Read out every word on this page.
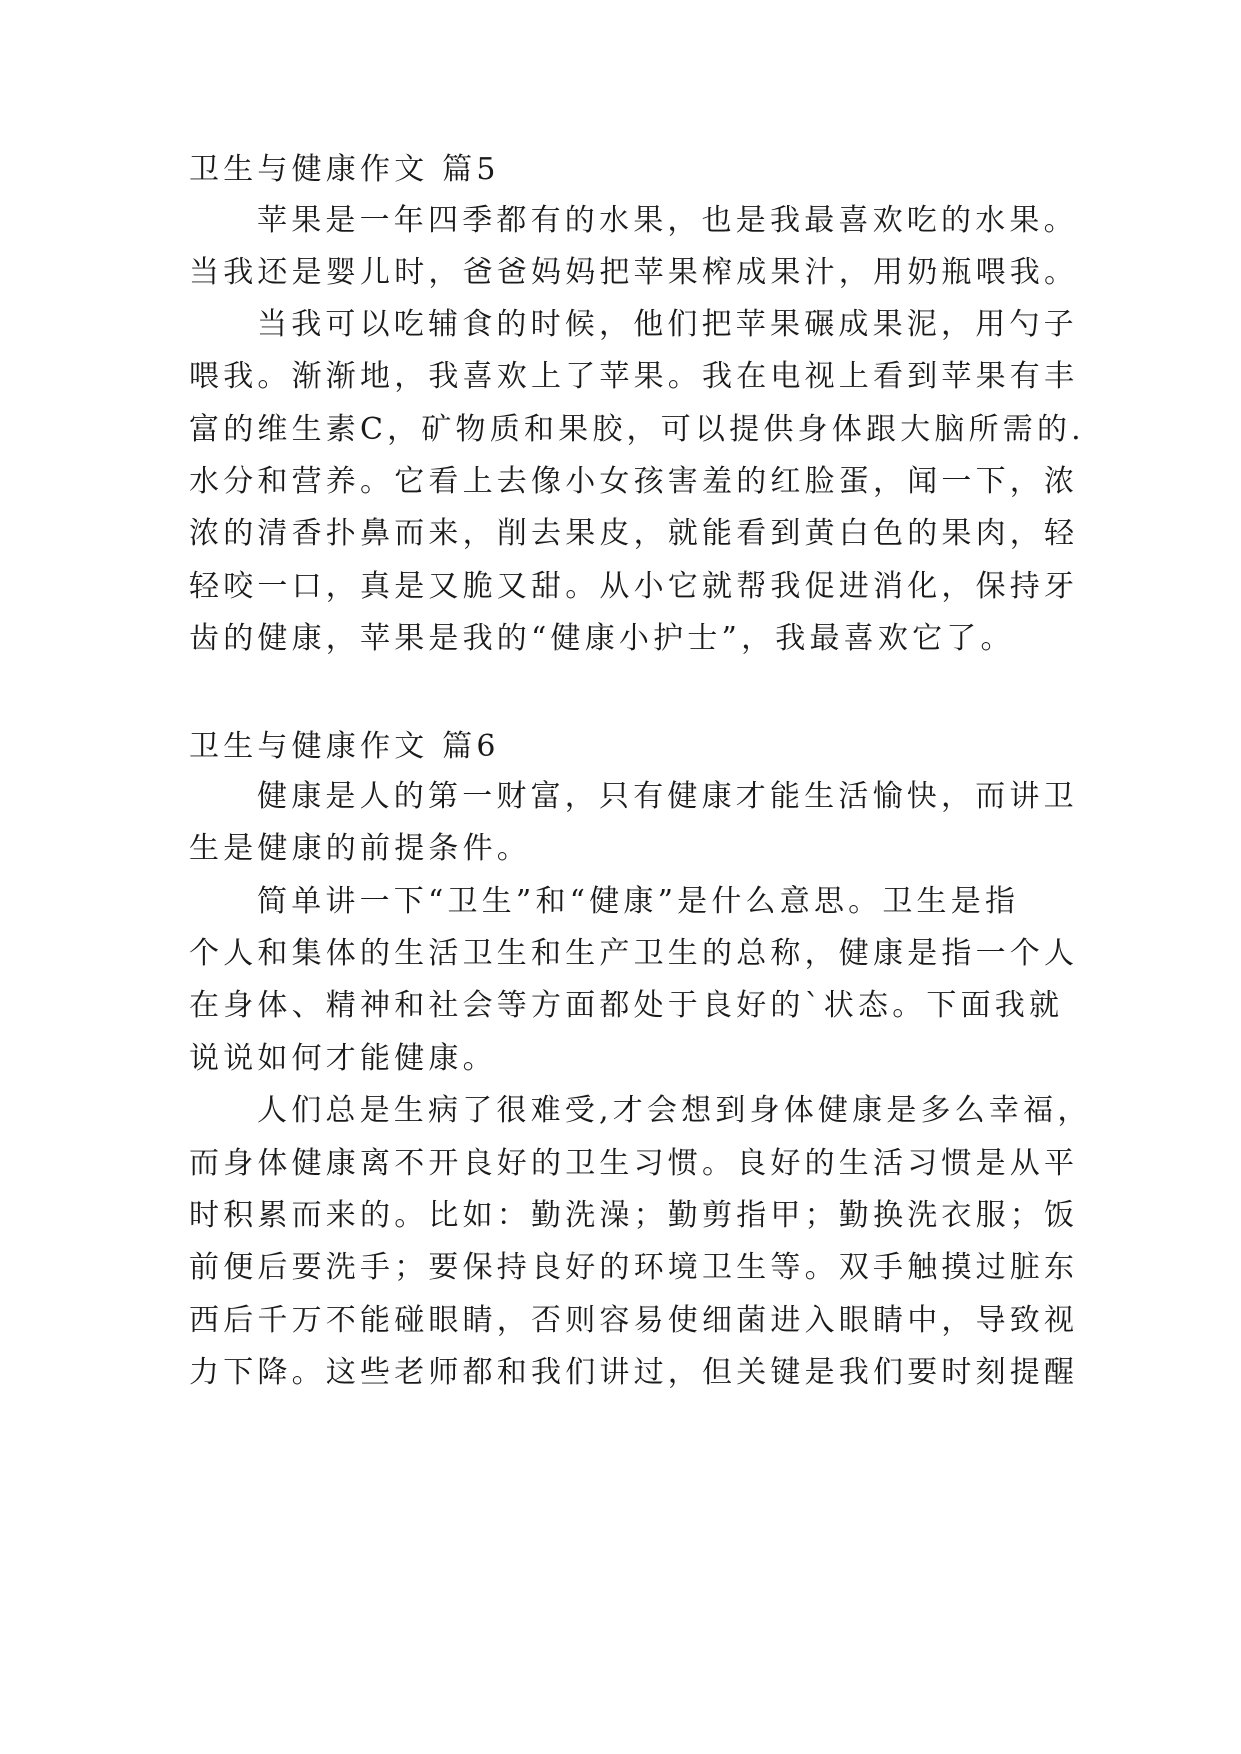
卫生与健康作文 篇5
苹果是一年四季都有的水果，也是我最喜欢吃的水果。
当我还是婴儿时，爸爸妈妈把苹果榨成果汁，用奶瓶喂我。
当我可以吃辅食的时候，他们把苹果碾成果泥，用勺子
喂我。渐渐地，我喜欢上了苹果。我在电视上看到苹果有丰
富的维生素C，矿物质和果胶，可以提供身体跟大脑所需的.
水分和营养。它看上去像小女孩害羞的红脸蛋，闻一下，浓
浓的清香扑鼻而来，削去果皮，就能看到黄白色的果肉，轻
轻咬一口，真是又脆又甜。从小它就帮我促进消化，保持牙
齿的健康，苹果是我的“健康小护士”，我最喜欢它了。
卫生与健康作文 篇6
健康是人的第一财富，只有健康才能生活愉快，而讲卫
生是健康的前提条件。
简单讲一下“卫生”和“健康”是什么意思。卫生是指
个人和集体的生活卫生和生产卫生的总称，健康是指一个人
在身体、精神和社会等方面都处于良好的`状态。下面我就
说说如何才能健康。
人们总是生病了很难受,才会想到身体健康是多么幸福，
而身体健康离不开良好的卫生习惯。良好的生活习惯是从平
时积累而来的。比如：勤洗澡；勤剪指甲；勤换洗衣服；饭
前便后要洗手；要保持良好的环境卫生等。双手触摸过脏东
西后千万不能碰眼睛，否则容易使细菌进入眼睛中，导致视
力下降。这些老师都和我们讲过，但关键是我们要时刻提醒
